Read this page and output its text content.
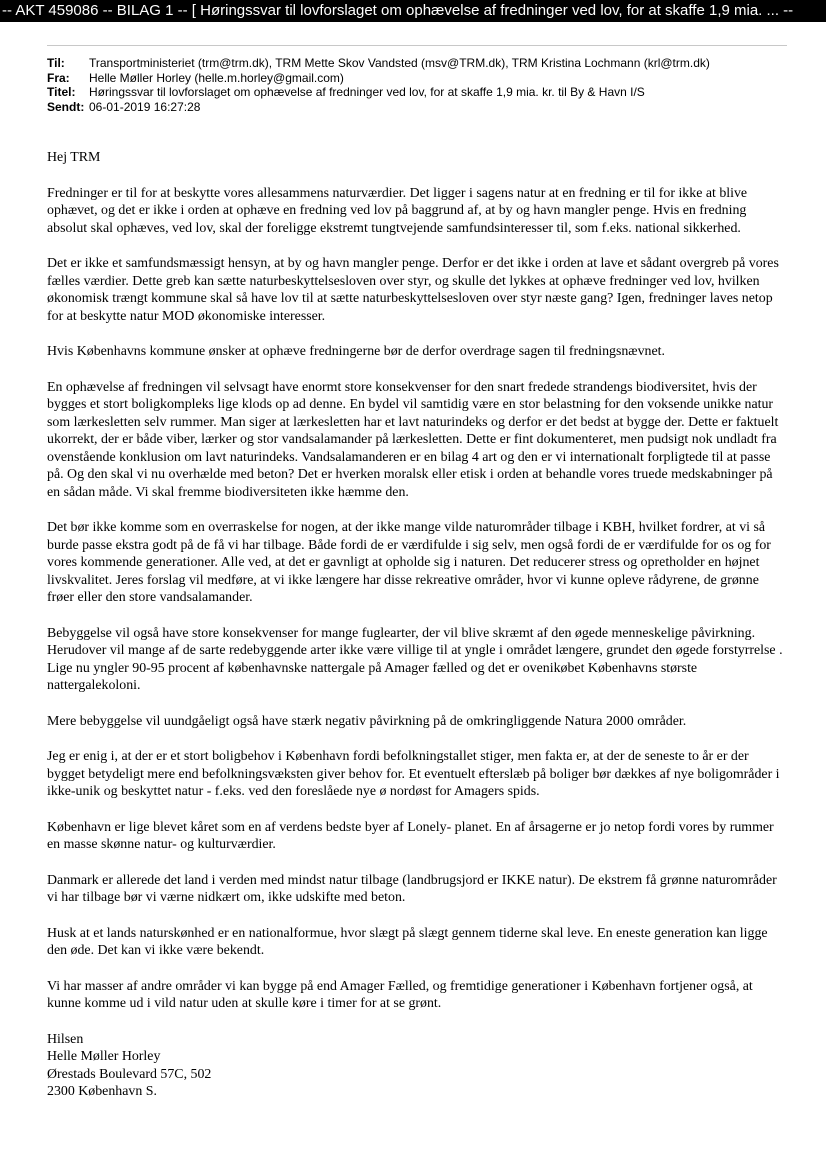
-- AKT 459086 -- BILAG 1 -- [ Høringssvar til lovforslaget om ophævelse af fredninger ved lov, for at skaffe 1,9 mia. ... --
Til:	Transportministeriet (trm@trm.dk), TRM Mette Skov Vandsted (msv@TRM.dk), TRM Kristina Lochmann (krl@trm.dk)
Fra:	Helle Møller Horley (helle.m.horley@gmail.com)
Titel:	Høringssvar til lovforslaget om ophævelse af fredninger ved lov, for at skaffe 1,9 mia. kr. til By & Havn I/S
Sendt: 06-01-2019 16:27:28

Hej TRM

Fredninger er til for at beskytte vores allesammens naturværdier. Det ligger i sagens natur at en fredning er til for ikke at blive ophævet, og det er ikke i orden at ophæve en fredning ved lov på baggrund af, at by og havn mangler penge. Hvis en fredning absolut skal ophæves, ved lov, skal der foreligge ekstremt tungtvejende samfundsinteresser til, som f.eks. national sikkerhed.

Det er ikke et samfundsmæssigt hensyn, at by og havn mangler penge. Derfor er det ikke i orden at lave et sådant overgreb på vores fælles værdier. Dette greb kan sætte naturbeskyttelsesloven over styr, og skulle det lykkes at ophæve fredninger ved lov, hvilken økonomisk trængt kommune skal så have lov til at sætte naturbeskyttelsesloven over styr næste gang? Igen, fredninger laves netop for at beskytte natur MOD økonomiske interesser.

Hvis Københavns kommune ønsker at ophæve fredningerne bør de derfor overdrage sagen til fredningsnævnet.

En ophævelse af fredningen vil selvsagt have enormt store konsekvenser for den snart fredede strandengs biodiversitet, hvis der bygges et stort boligkompleks lige klods op ad denne. En bydel vil samtidig være en stor belastning for den voksende unikke natur som lærkesletten selv rummer. Man siger at lærkesletten har et lavt naturindeks og derfor er det bedst at bygge der. Dette er faktuelt ukorrekt, der er både viber, lærker og stor vandsalamander på lærkesletten. Dette er fint dokumenteret, men pudsigt nok undladt fra ovenstående konklusion om lavt naturindeks. Vandsalamanderen er en bilag 4 art og den er vi internationalt forpligtede til at passe på. Og den skal vi nu overhælde med beton? Det er hverken moralsk eller etisk i orden at behandle vores truede medskabninger på en sådan måde. Vi skal fremme biodiversiteten ikke hæmme den.

Det bør ikke komme som en overraskelse for nogen, at der ikke mange vilde naturområder tilbage i KBH, hvilket fordrer, at vi så burde passe ekstra godt på de få vi har tilbage. Både fordi de er værdifulde i sig selv, men også fordi de er værdifulde for os og for vores kommende generationer. Alle ved, at det er gavnligt at opholde sig i naturen. Det reducerer stress og opretholder en højnet livskvalitet. Jeres forslag vil medføre, at vi ikke længere har disse rekreative områder, hvor vi kunne opleve rådyrene, de grønne frøer eller den store vandsalamander.

Bebyggelse vil også have store konsekvenser for mange fuglearter, der vil blive skræmt af den øgede menneskelige påvirkning. Herudover vil mange af de sarte redebyggende arter ikke være villige til at yngle i området længere, grundet den øgede forstyrrelse . Lige nu yngler 90-95 procent af københavnske nattergale på Amager fælled og det er ovenikøbet Københavns største nattergalekoloni.

Mere bebyggelse vil uundgåeligt også have stærk negativ påvirkning på de omkringliggende Natura 2000 områder.

Jeg er enig i, at der er et stort boligbehov i København fordi befolkningstallet stiger, men fakta er, at der de seneste to år er der bygget betydeligt mere end befolkningsvæksten giver behov for. Et eventuelt efterslæb på boliger bør dækkes af nye boligområder i ikke-unik og beskyttet natur - f.eks. ved den foreslåede nye ø nordøst for Amagers spids.

København er lige blevet kåret som en af verdens bedste byer af Lonely- planet. En af årsagerne er jo netop fordi vores by rummer en masse skønne natur- og kulturværdier.

Danmark er allerede det land i verden med mindst natur tilbage (landbrugsjord er IKKE natur). De ekstrem få grønne naturområder vi har tilbage bør vi værne nidkært om, ikke udskifte med beton.

Husk at et lands naturskønhed er en nationalformue, hvor slægt på slægt gennem tiderne skal leve. En eneste generation kan ligge den øde. Det kan vi ikke være bekendt.

Vi har masser af andre områder vi kan bygge på end Amager Fælled, og fremtidige generationer i København fortjener også, at kunne komme ud i vild natur uden at skulle køre i timer for at se grønt.

Hilsen
Helle Møller Horley
Ørestads Boulevard 57C, 502
2300 København S.
